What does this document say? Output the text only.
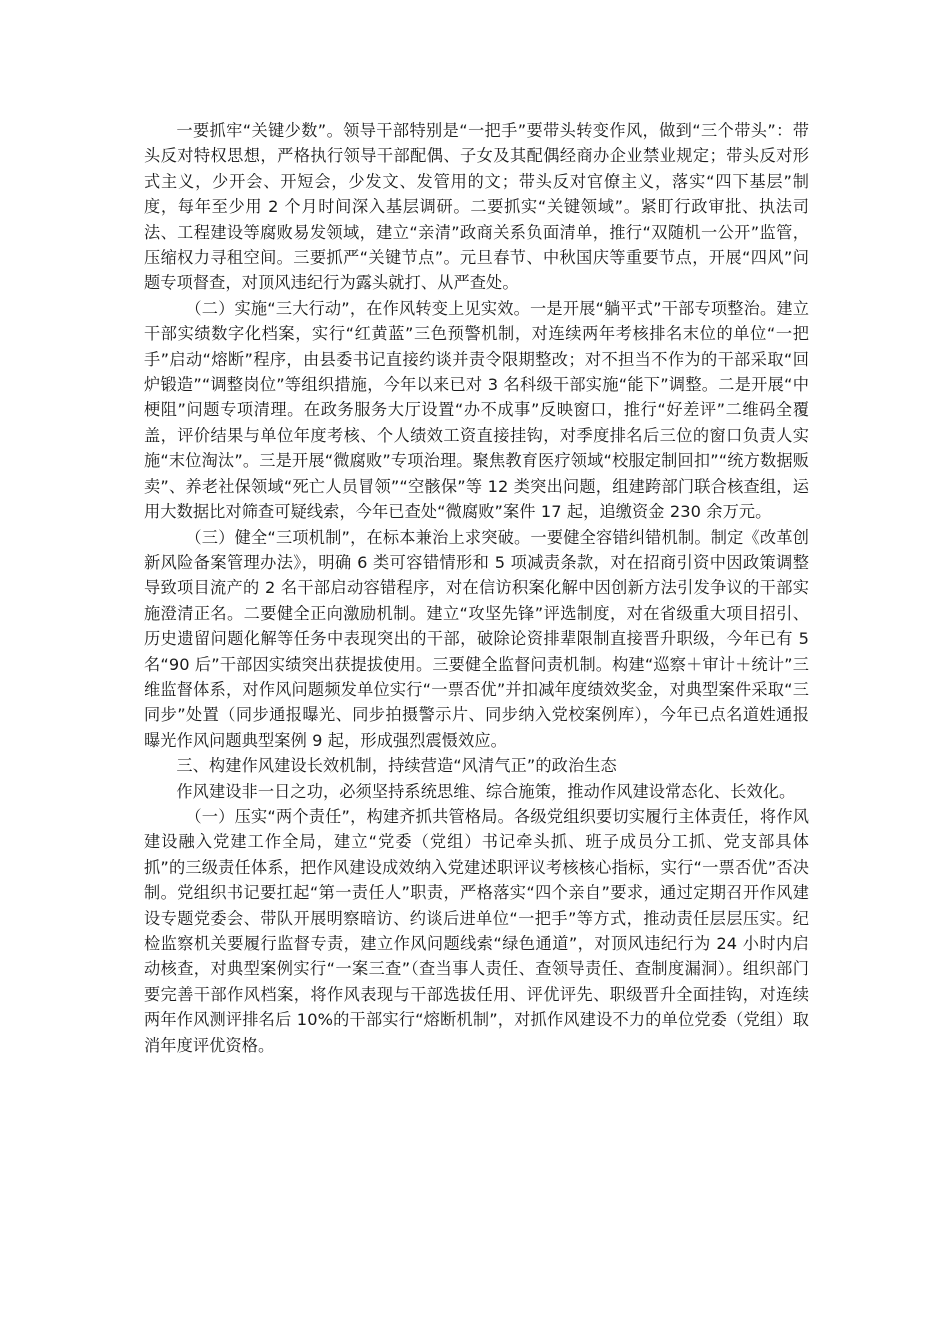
一要抓牢“关键少数”。领导干部特别是“一把手”要带头转变作风，做到“三个带头”：带头反对特权思想，严格执行领导干部配偶、子女及其配偶经商办企业禁业规定；带头反对形式主义，少开会、开短会，少发文、发管用的文；带头反对官僚主义，落实“四下基层”制度，每年至少用 2 个月时间深入基层调研。二要抓实“关键领域”。紧盯行政审批、执法司法、工程建设等腐败易发领域，建立“亲清”政商关系负面清单，推行“双随机一公开”监管，压缩权力寻租空间。三要抓严“关键节点”。元旦春节、中秋国庆等重要节点，开展“四风”问题专项督查，对顶风违纪行为露头就打、从严查处。

（二）实施“三大行动”，在作风转变上见实效。一是开展“躺平式”干部专项整治。建立干部实绩数字化档案，实行“红黄蓝”三色预警机制，对连续两年考核排名末位的单位“一把手”启动“熔断”程序，由县委书记直接约谈并责令限期整改；对不担当不作为的干部采取“回炉锻造”“调整岗位”等组织措施，今年以来已对 3 名科级干部实施“能下”调整。二是开展“中梗阻”问题专项清理。在政务服务大厅设置“办不成事”反映窗口，推行“好差评”二维码全覆盖，评价结果与单位年度考核、个人绩效工资直接挂钩，对季度排名后三位的窗口负责人实施“末位淘汰”。三是开展“微腐败”专项治理。聚焦教育医疗领域“校服定制回扣”“统方数据贩卖”、养老社保领域“死亡人员冒领”“空骸保”等 12 类突出问题，组建跨部门联合核查组，运用大数据比对筛查可疑线索，今年已查处“微腐败”案件 17 起，追缴资金 230 余万元。

（三）健全“三项机制”，在标本兼治上求突破。一要健全容错纠错机制。制定《改革创新风险备案管理办法》，明确 6 类可容错情形和 5 项减责条款，对在招商引资中因政策调整导致项目流产的 2 名干部启动容错程序，对在信访积案化解中因创新方法引发争议的干部实施澄清正名。二要健全正向激励机制。建立“攻坚先锋”评选制度，对在省级重大项目招引、历史遗留问题化解等任务中表现突出的干部，破除论资排辈限制直接晋升职级，今年已有 5 名“90 后”干部因实绩突出获提拔使用。三要健全监督问责机制。构建“巡察＋审计＋统计”三维监督体系，对作风问题频发单位实行“一票否优”并扣减年度绩效奖金，对典型案件采取“三同步”处置（同步通报曝光、同步拍摄警示片、同步纳入党校案例库），今年已点名道姓通报曝光作风问题典型案例 9 起，形成强烈震慑效应。

三、构建作风建设长效机制，持续营造“风清气正”的政治生态

作风建设非一日之功，必须坚持系统思维、综合施策，推动作风建设常态化、长效化。

（一）压实“两个责任”，构建齐抓共管格局。各级党组织要切实履行主体责任，将作风建设融入党建工作全局，建立“党委（党组）书记牵头抓、班子成员分工抓、党支部具体抓”的三级责任体系，把作风建设成效纳入党建述职评议考核核心指标，实行“一票否优”否决制。党组织书记要扛起“第一责任人”职责，严格落实“四个亲自”要求，通过定期召开作风建设专题党委会、带队开展明察暗访、约谈后进单位“一把手”等方式，推动责任层层压实。纪检监察机关要履行监督专责，建立作风问题线索“绿色通道”，对顶风违纪行为 24 小时内启动核查，对典型案例实行“一案三查”（查当事人责任、查领导责任、查制度漏洞）。组织部门要完善干部作风档案，将作风表现与干部选拔任用、评优评先、职级晋升全面挂钩，对连续两年作风测评排名后 10%的干部实行“熔断机制”，对抓作风建设不力的单位党委（党组）取消年度评优资格。
